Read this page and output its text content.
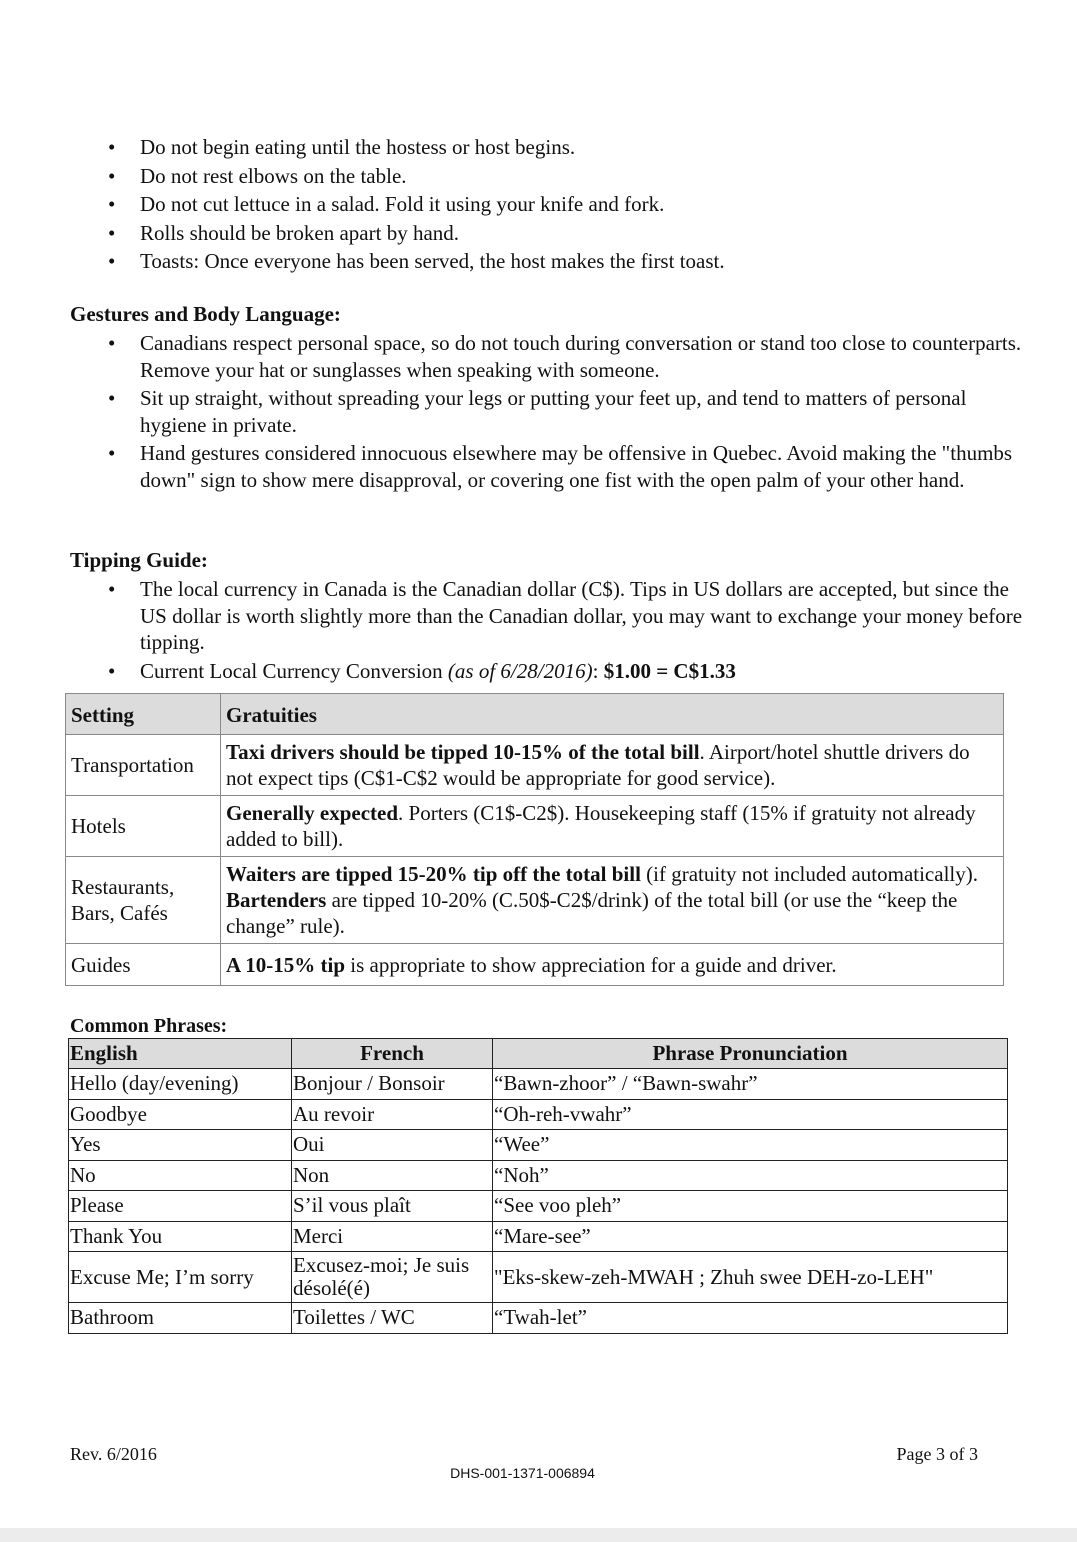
• Do not begin eating until the hostess or host begins.
• Do not rest elbows on the table.
• Do not cut lettuce in a salad. Fold it using your knife and fork.
• Rolls should be broken apart by hand.
• Toasts: Once everyone has been served, the host makes the first toast.
Gestures and Body Language:
• Canadians respect personal space, so do not touch during conversation or stand too close to counterparts. Remove your hat or sunglasses when speaking with someone.
• Sit up straight, without spreading your legs or putting your feet up, and tend to matters of personal hygiene in private.
• Hand gestures considered innocuous elsewhere may be offensive in Quebec. Avoid making the "thumbs down" sign to show mere disapproval, or covering one fist with the open palm of your other hand.
Tipping Guide:
• The local currency in Canada is the Canadian dollar (C$). Tips in US dollars are accepted, but since the US dollar is worth slightly more than the Canadian dollar, you may want to exchange your money before tipping.
• Current Local Currency Conversion (as of 6/28/2016): $1.00 = C$1.33
Setting	Gratuities
Transportation	Taxi drivers should be tipped 10-15% of the total bill. Airport/hotel shuttle drivers do not expect tips (C$1-C$2 would be appropriate for good service).
Hotels	Generally expected. Porters (C1$-C2$). Housekeeping staff (15% if gratuity not already added to bill).
Restaurants,
Bars, Cafés	Waiters are tipped 15-20% tip off the total bill (if gratuity not included automatically). Bartenders are tipped 10-20% (C.50$-C2$/drink) of the total bill (or use the “keep the change” rule).
Guides	A 10-15% tip is appropriate to show appreciation for a guide and driver.
Common Phrases:
English	French	Phrase Pronunciation
Hello (day/evening)	Bonjour / Bonsoir	“Bawn-zhoor” / “Bawn-swahr”
Goodbye	Au revoir	“Oh-reh-vwahr”
Yes	Oui	“Wee”
No	Non	“Noh”
Please	S’il vous plaît	“See voo pleh”
Thank You	Merci	“Mare-see”
Excuse Me; I’m sorry	Excusez-moi; Je suis désolé(é)	"Eks-skew-zeh-MWAH ; Zhuh swee DEH-zo-LEH"
Bathroom	Toilettes / WC	“Twah-let”
Rev. 6/2016	Page 3 of 3
DHS-001-1371-006894
